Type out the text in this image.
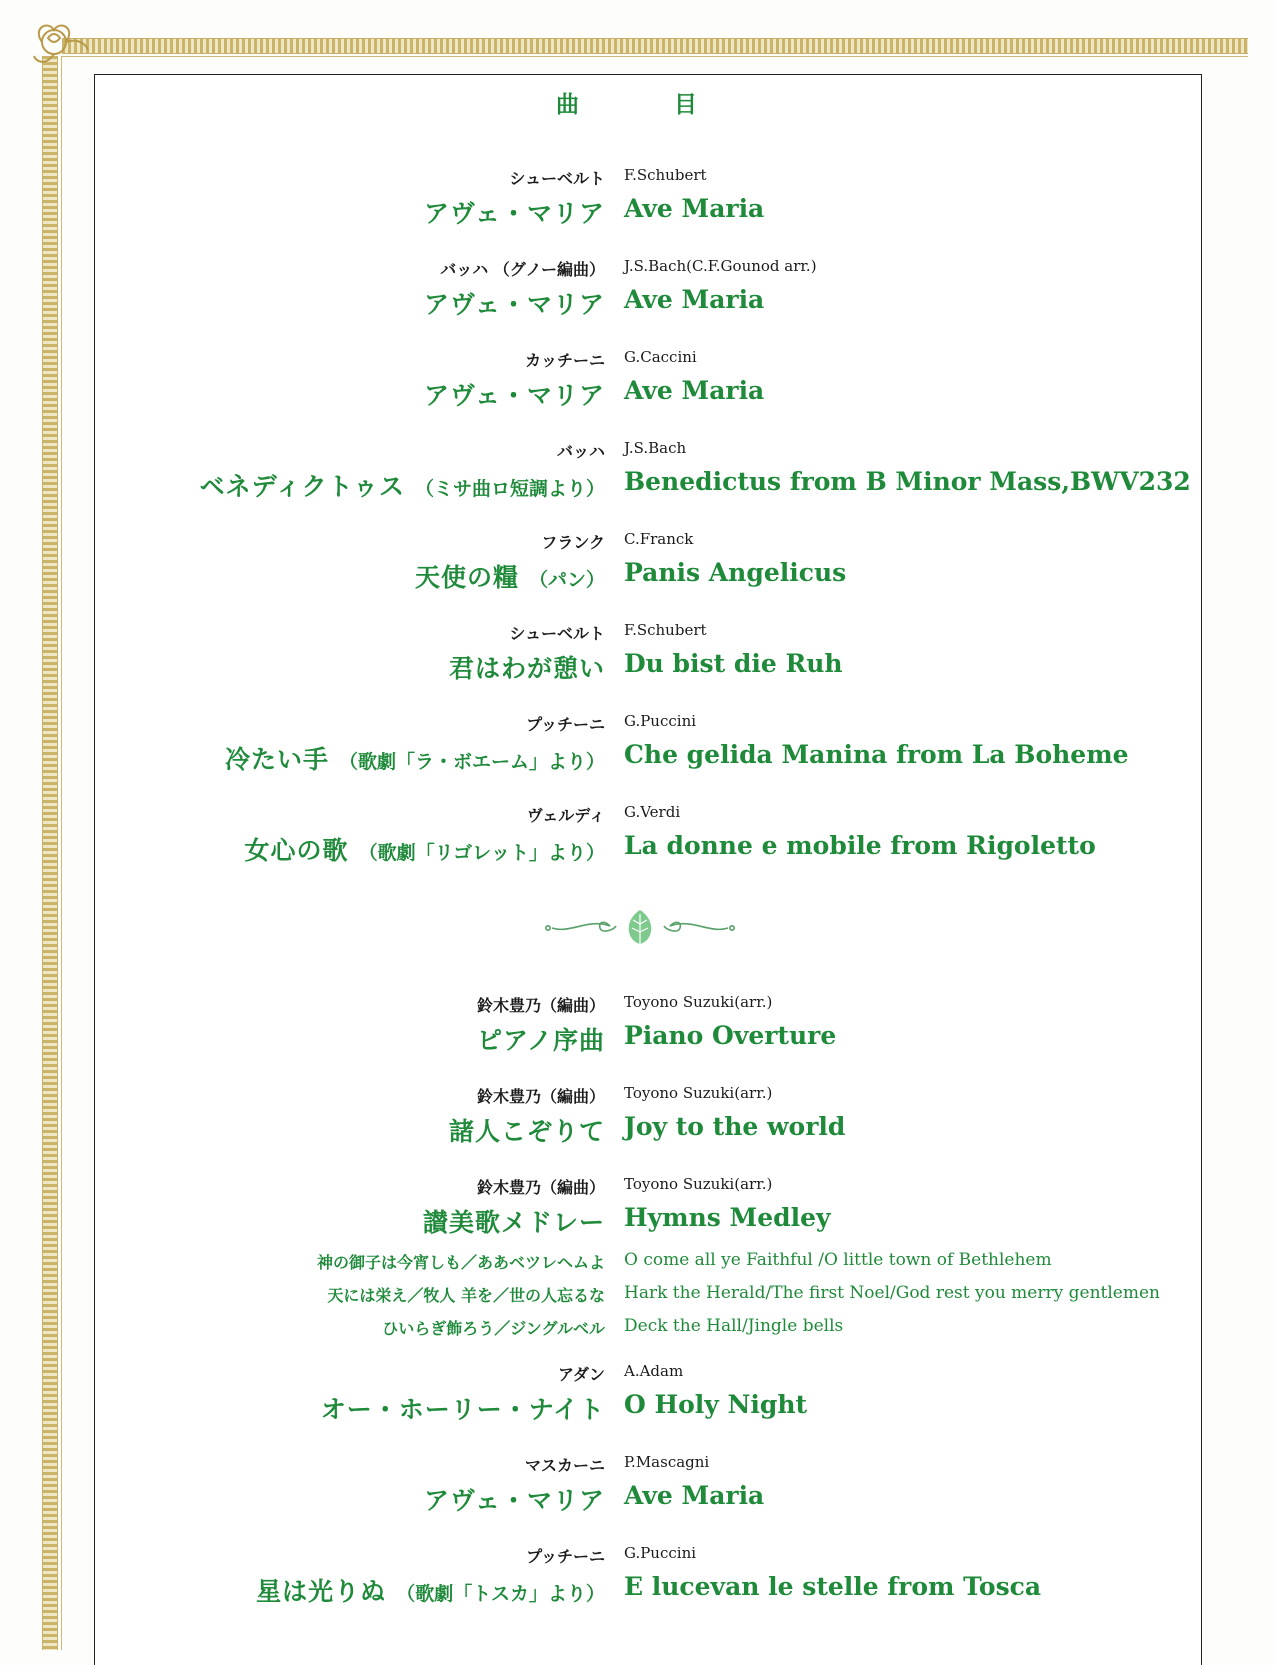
曲	目
シューベルト F.Schubert
アヴェ・マリア Ave Maria
バッハ （グノー編曲） J.S.Bach(C.F.Gounod arr.)
アヴェ・マリア Ave Maria
カッチーニ G.Caccini
アヴェ・マリア Ave Maria
バッハ J.S.Bach
ベネディクトゥス （ミサ曲ロ短調より） Benedictus from B Minor Mass,BWV232
フランク C.Franck
天使の糧 （パン） Panis Angelicus
シューベルト F.Schubert
君はわが憩い Du bist die Ruh
プッチーニ G.Puccini
冷たい手 （歌劇「ラ・ボエーム」より） Che gelida Manina from La Boheme
ヴェルディ G.Verdi
女心の歌 （歌劇「リゴレット」より） La donne e mobile from Rigoletto
鈴木豊乃（編曲） Toyono Suzuki(arr.)
ピアノ序曲 Piano Overture
鈴木豊乃（編曲） Toyono Suzuki(arr.)
諸人こぞりて Joy to the world
鈴木豊乃（編曲） Toyono Suzuki(arr.)
讃美歌メドレー Hymns Medley
神の御子は今宵しも／ああベツレヘムよ O come all ye Faithful /O little town of Bethlehem
天には栄え／牧人 羊を／世の人忘るな Hark the Herald/The first Noel/God rest you merry gentlemen
ひいらぎ飾ろう／ジングルベル Deck the Hall/Jingle bells
アダン A.Adam
オー・ホーリー・ナイト O Holy Night
マスカーニ P.Mascagni
アヴェ・マリア Ave Maria
プッチーニ G.Puccini
星は光りぬ （歌劇「トスカ」より） E lucevan le stelle from Tosca
